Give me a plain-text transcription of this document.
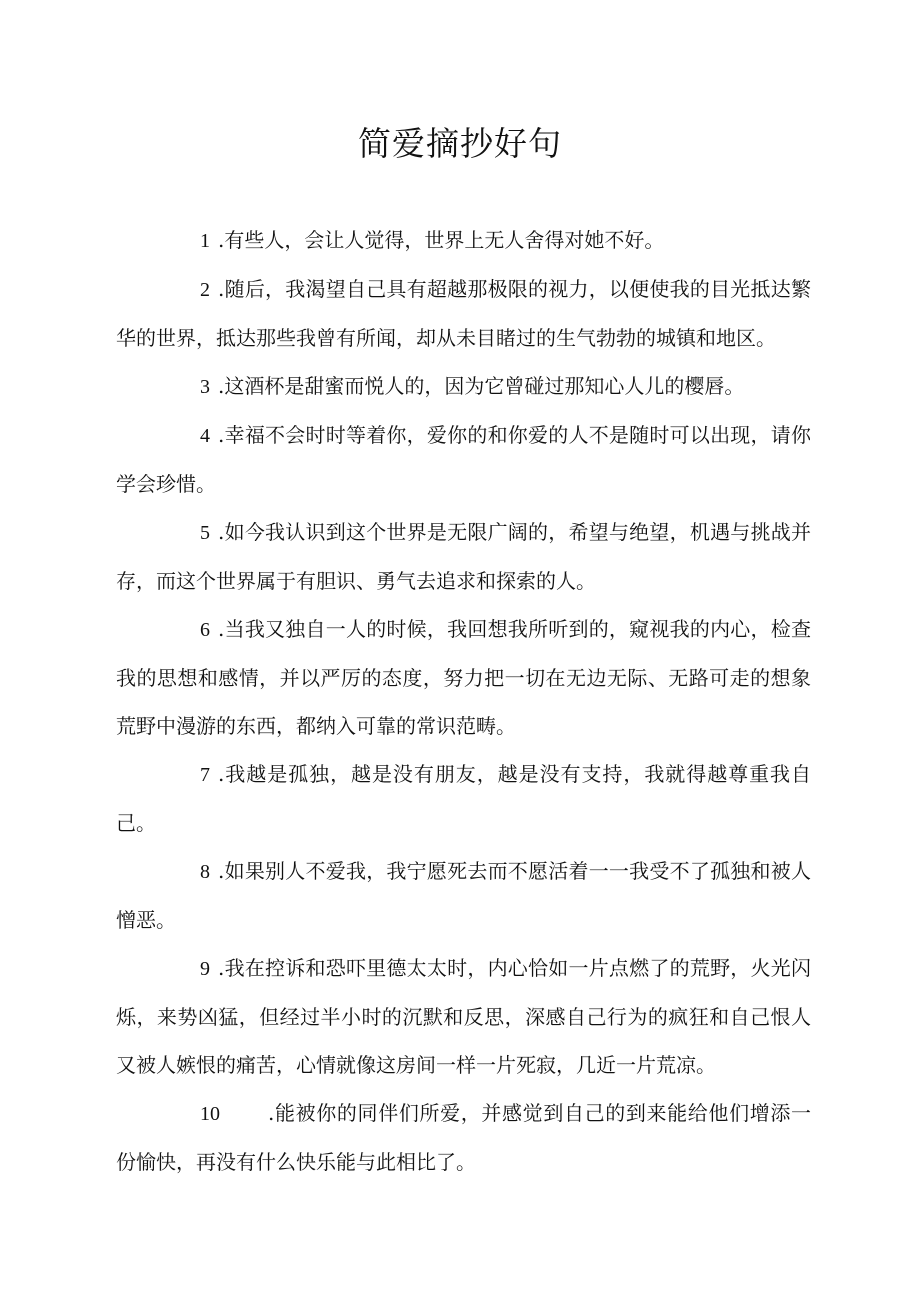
简爱摘抄好句

1 .有些人，会让人觉得，世界上无人舍得对她不好。

2 .随后，我渴望自己具有超越那极限的视力，以便使我的目光抵达繁华的世界，抵达那些我曾有所闻，却从未目睹过的生气勃勃的城镇和地区。

3 .这酒杯是甜蜜而悦人的，因为它曾碰过那知心人儿的樱唇。

4 .幸福不会时时等着你，爱你的和你爱的人不是随时可以出现，请你学会珍惜。

5 .如今我认识到这个世界是无限广阔的，希望与绝望，机遇与挑战并存，而这个世界属于有胆识、勇气去追求和探索的人。

6 .当我又独自一人的时候，我回想我所听到的，窥视我的内心，检查我的思想和感情，并以严厉的态度，努力把一切在无边无际、无路可走的想象荒野中漫游的东西，都纳入可靠的常识范畴。

7 .我越是孤独，越是没有朋友，越是没有支持，我就得越尊重我自己。

8 .如果别人不爱我，我宁愿死去而不愿活着一一我受不了孤独和被人憎恶。

9 .我在控诉和恐吓里德太太时，内心恰如一片点燃了的荒野，火光闪烁，来势凶猛，但经过半小时的沉默和反思，深感自己行为的疯狂和自己恨人又被人嫉恨的痛苦，心情就像这房间一样一片死寂，几近一片荒凉。

10 .能被你的同伴们所爱，并感觉到自己的到来能给他们增添一份愉快，再没有什么快乐能与此相比了。
